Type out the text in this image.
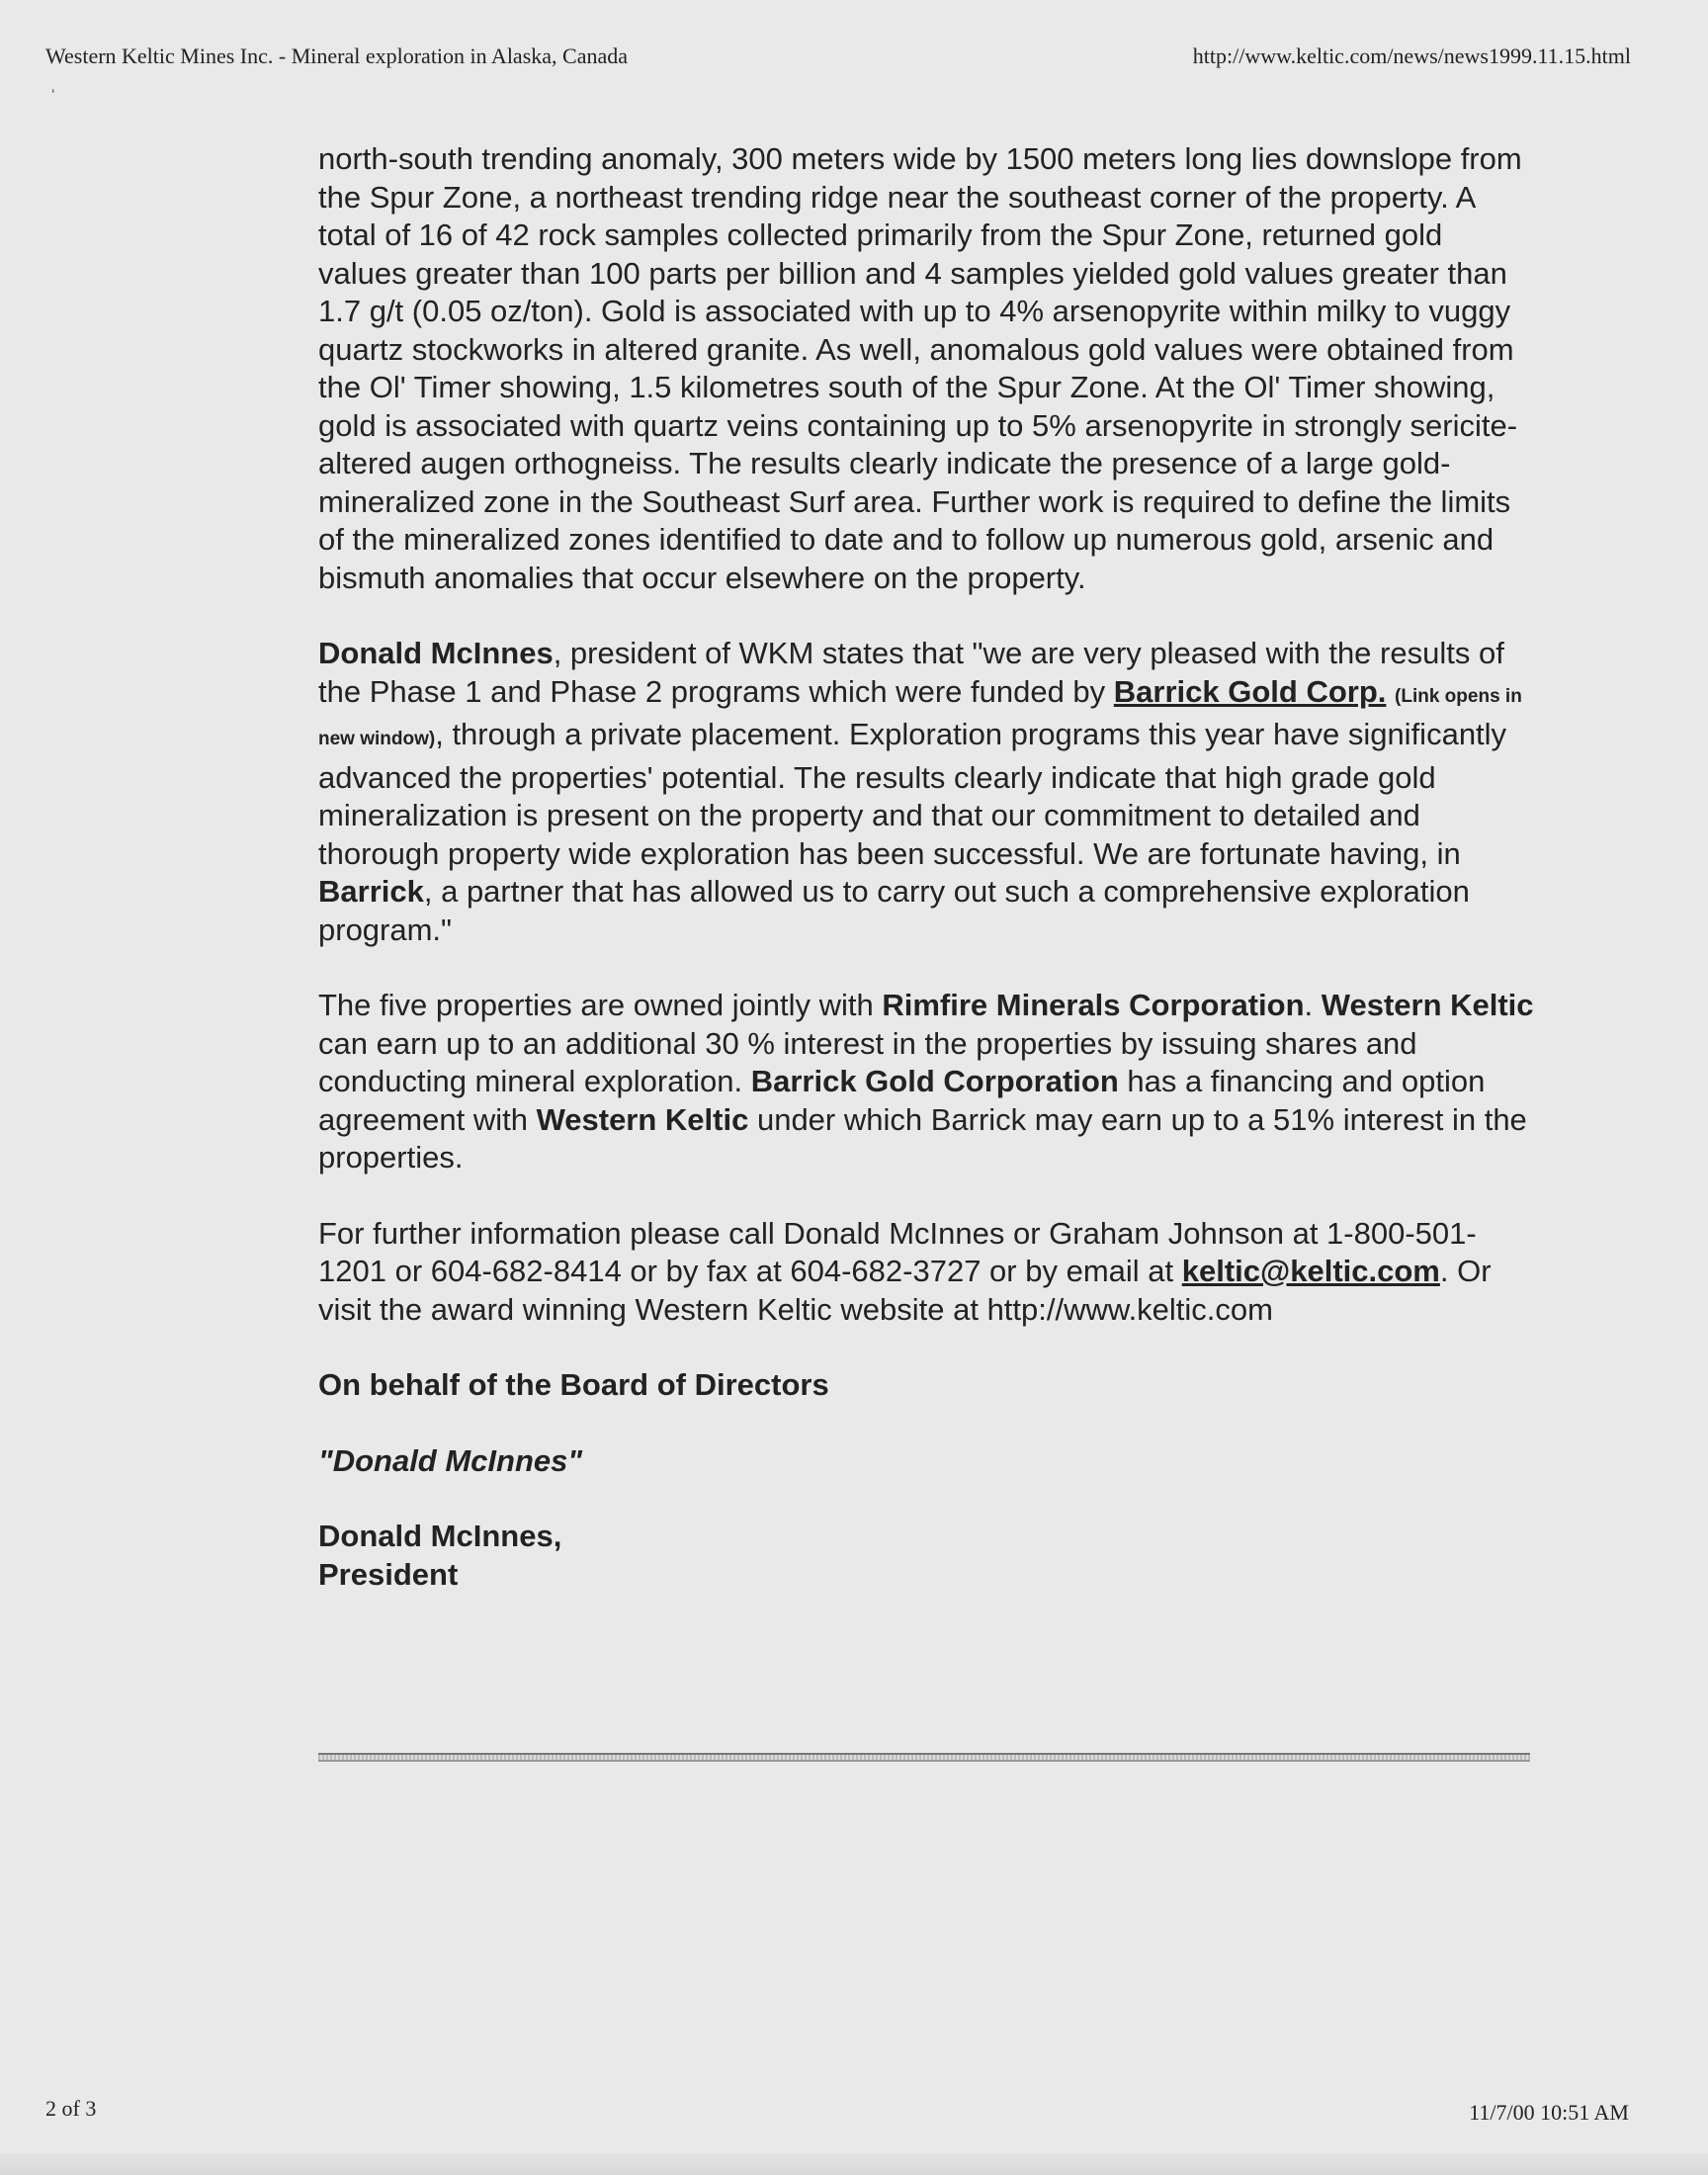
Western Keltic Mines Inc. - Mineral exploration in Alaska, Canada	http://www.keltic.com/news/news1999.11.15.html
‘

north-south trending anomaly, 300 meters wide by 1500 meters long lies downslope from the Spur Zone, a northeast trending ridge near the southeast corner of the property. A total of 16 of 42 rock samples collected primarily from the Spur Zone, returned gold values greater than 100 parts per billion and 4 samples yielded gold values greater than 1.7 g/t (0.05 oz/ton). Gold is associated with up to 4% arsenopyrite within milky to vuggy quartz stockworks in altered granite. As well, anomalous gold values were obtained from the Ol' Timer showing, 1.5 kilometres south of the Spur Zone. At the Ol' Timer showing, gold is associated with quartz veins containing up to 5% arsenopyrite in strongly sericite-altered augen orthogneiss. The results clearly indicate the presence of a large gold-mineralized zone in the Southeast Surf area. Further work is required to define the limits of the mineralized zones identified to date and to follow up numerous gold, arsenic and bismuth anomalies that occur elsewhere on the property.

Donald McInnes, president of WKM states that "we are very pleased with the results of the Phase 1 and Phase 2 programs which were funded by Barrick Gold Corp. (Link opens in new window), through a private placement. Exploration programs this year have significantly advanced the properties' potential. The results clearly indicate that high grade gold mineralization is present on the property and that our commitment to detailed and thorough property wide exploration has been successful. We are fortunate having, in Barrick, a partner that has allowed us to carry out such a comprehensive exploration program."

The five properties are owned jointly with Rimfire Minerals Corporation. Western Keltic can earn up to an additional 30 % interest in the properties by issuing shares and conducting mineral exploration. Barrick Gold Corporation has a financing and option agreement with Western Keltic under which Barrick may earn up to a 51% interest in the properties.

For further information please call Donald McInnes or Graham Johnson at 1-800-501-1201 or 604-682-8414 or by fax at 604-682-3727 or by email at keltic@keltic.com. Or visit the award winning Western Keltic website at http://www.keltic.com

On behalf of the Board of Directors

"Donald McInnes"

Donald McInnes,

President

2 of 3	11/7/00 10:51 AM
